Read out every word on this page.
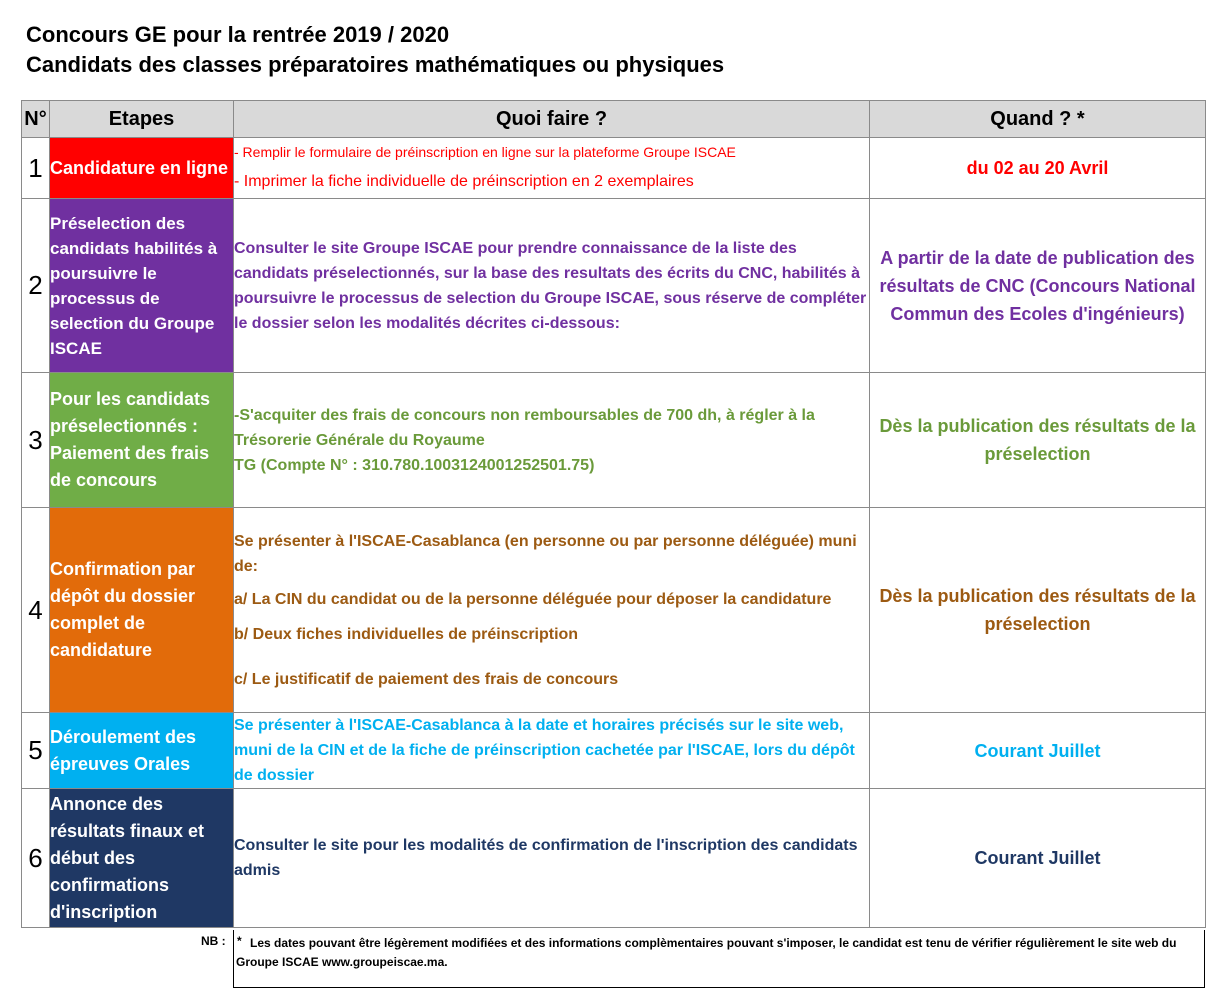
Concours GE pour la rentrée 2019 / 2020
Candidats des classes préparatoires mathématiques ou physiques
N°	Etapes	Quoi faire ?	Quand ? *
1	Candidature en ligne	- Remplir le formulaire de préinscription en ligne sur la plateforme Groupe ISCAE

- Imprimer la fiche individuelle de préinscription en 2 exemplaires	du 02 au 20 Avril
2	Préselection des candidats habilités à poursuivre le processus de selection du Groupe ISCAE	Consulter le site Groupe ISCAE pour prendre connaissance de la liste des candidats préselectionnés, sur la base des resultats des écrits du CNC, habilités à poursuivre le processus de selection du Groupe ISCAE, sous réserve de compléter le dossier selon les modalités décrites ci-dessous:	A partir de la date de publication des résultats de CNC (Concours National Commun des Ecoles d'ingénieurs)
3	Pour les candidats préselectionnés : Paiement des frais de concours	-S'acquiter des frais de concours non remboursables de 700 dh, à régler à la Trésorerie Générale du Royaume

TG (Compte N° : 310.780.1003124001252501.75)	Dès la publication des résultats de la préselection
4	Confirmation par dépôt du dossier complet de candidature	Se présenter à l'ISCAE-Casablanca (en personne ou par personne déléguée) muni de:

a/ La CIN du candidat ou de la personne déléguée pour déposer la candidature

b/ Deux fiches individuelles de préinscription

c/ Le justificatif de paiement des frais de concours	Dès la publication des résultats de la préselection
5	Déroulement des épreuves Orales	Se présenter à l'ISCAE-Casablanca à la date et horaires précisés sur le site web, muni de la CIN et de la fiche de préinscription cachetée par l'ISCAE, lors du dépôt de dossier	Courant Juillet
6	Annonce des résultats finaux et début des confirmations d'inscription	Consulter le site pour les modalités de confirmation de l'inscription des candidats admis	Courant Juillet
NB : * Les dates pouvant être légèrement modifiées et des informations complèmentaires pouvant s'imposer, le candidat est tenu de vérifier régulièrement le site web du Groupe ISCAE www.groupeiscae.ma.
